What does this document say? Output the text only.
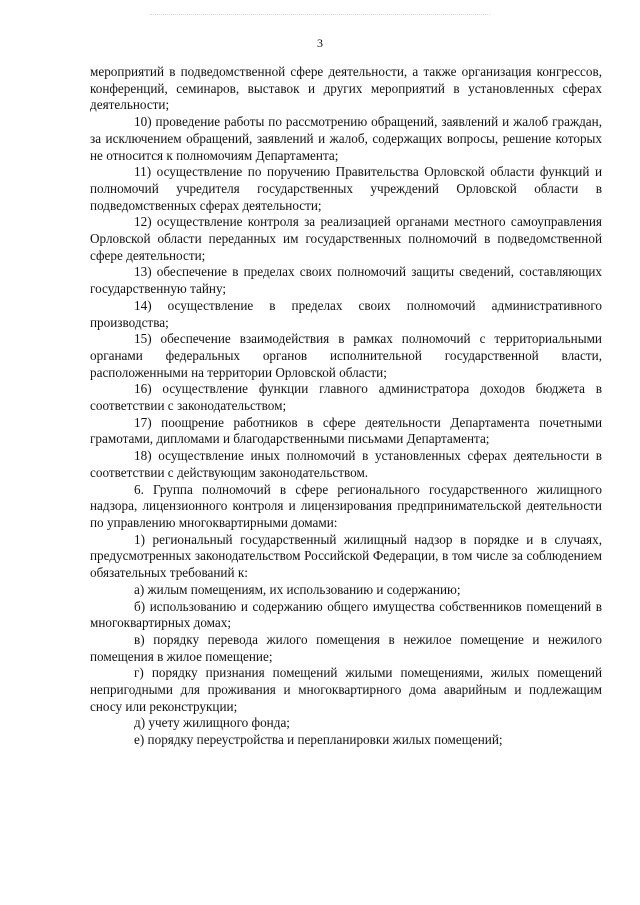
3

мероприятий в подведомственной сфере деятельности, а также организация конгрессов, конференций, семинаров, выставок и других мероприятий в установленных сферах деятельности;

10) проведение работы по рассмотрению обращений, заявлений и жалоб граждан, за исключением обращений, заявлений и жалоб, содержащих вопросы, решение которых не относится к полномочиям Департамента;

11) осуществление по поручению Правительства Орловской области функций и полномочий учредителя государственных учреждений Орловской области в подведомственных сферах деятельности;

12) осуществление контроля за реализацией органами местного самоуправления Орловской области переданных им государственных полномочий в подведомственной сфере деятельности;

13) обеспечение в пределах своих полномочий защиты сведений, составляющих государственную тайну;

14) осуществление в пределах своих полномочий административного производства;

15) обеспечение взаимодействия в рамках полномочий с территориальными органами федеральных органов исполнительной государственной власти, расположенными на территории Орловской области;

16) осуществление функции главного администратора доходов бюджета в соответствии с законодательством;

17) поощрение работников в сфере деятельности Департамента почетными грамотами, дипломами и благодарственными письмами Департамента;

18) осуществление иных полномочий в установленных сферах деятельности в соответствии с действующим законодательством.

6. Группа полномочий в сфере регионального государственного жилищного надзора, лицензионного контроля и лицензирования предпринимательской деятельности по управлению многоквартирными домами:

1) региональный государственный жилищный надзор в порядке и в случаях, предусмотренных законодательством Российской Федерации, в том числе за соблюдением обязательных требований к:

а) жилым помещениям, их использованию и содержанию;

б) использованию и содержанию общего имущества собственников помещений в многоквартирных домах;

в) порядку перевода жилого помещения в нежилое помещение и нежилого помещения в жилое помещение;

г) порядку признания помещений жилыми помещениями, жилых помещений непригодными для проживания и многоквартирного дома аварийным и подлежащим сносу или реконструкции;

д) учету жилищного фонда;

е) порядку переустройства и перепланировки жилых помещений;
